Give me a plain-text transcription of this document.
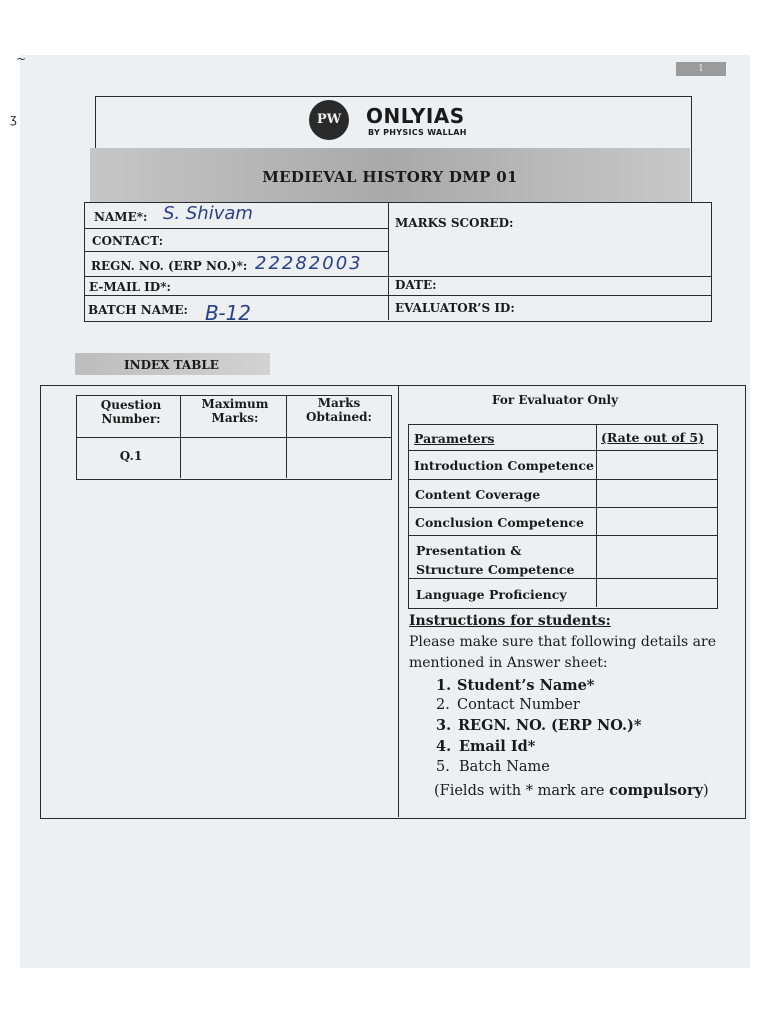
~
ʒ
1
PW	ONLYIAS
BY PHYSICS WALLAH
MEDIEVAL HISTORY DMP 01
NAME*: S. Shivam
CONTACT:
REGN. NO. (ERP NO.)*: 22282003
E-MAIL ID*:
BATCH NAME: B-12
MARKS SCORED:
DATE:
EVALUATOR’S ID:
INDEX TABLE
Question Number:
Maximum Marks:
Marks Obtained:
Q.1
For Evaluator Only
Parameters	(Rate out of 5)
Introduction Competence
Content Coverage
Conclusion Competence
Presentation & Structure Competence
Language Proficiency
Instructions for students:
Please make sure that following details are
mentioned in Answer sheet:
1. Student’s Name*
2. Contact Number
3. REGN. NO. (ERP NO.)*
4. Email Id*
5. Batch Name
(Fields with * mark are compulsory)
